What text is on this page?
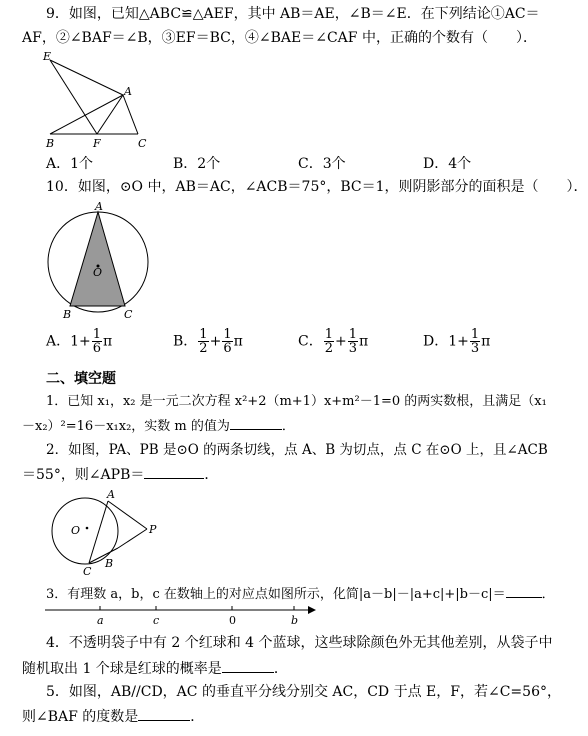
9．如图，已知△ABC≌△AEF，其中 AB＝AE，∠B＝∠E．在下列结论①AC＝
AF，②∠BAF＝∠B，③EF＝BC，④∠BAE＝∠CAF 中，正确的个数有（　　）．
E
A
B	F	C
A．1个	B．2个	C．3个	D．4个
10．如图，⊙O 中，AB＝AC，∠ACB＝75°，BC＝1，则阴影部分的面积是（　　）．
A
O
B	C
A．$1+ \frac{1}{6}$ π	B． $\frac{1}{2} + \frac{1}{6}$ π	C． $\frac{1}{2} + \frac{1}{3}$ π	D．$1+ \frac{1}{3}$ π
二、填空题
1．已知 x₁，x₂ 是一元二次方程 x²+2（m+1）x+m²－1=0 的两实数根，且满足（x₁
－x₂）²=16－x₁x₂，实数 m 的值为	．
2．如图，PA、PB 是⊙O 的两条切线，点 A、B 为切点，点 C 在⊙O 上，且∠ACB
＝55°，则∠APB＝	．
O
A
B
C
P
3．有理数 a，b，c 在数轴上的对应点如图所示，化简|a－b|－|a+c|+|b－c|＝	．
a	c	0	b
4．不透明袋子中有 2 个红球和 4 个蓝球，这些球除颜色外无其他差别，从袋子中
随机取出 1 个球是红球的概率是	．
5．如图，AB//CD，AC 的垂直平分线分别交 AC，CD 于点 E，F，若∠C=56°，
则∠BAF 的度数是	．
